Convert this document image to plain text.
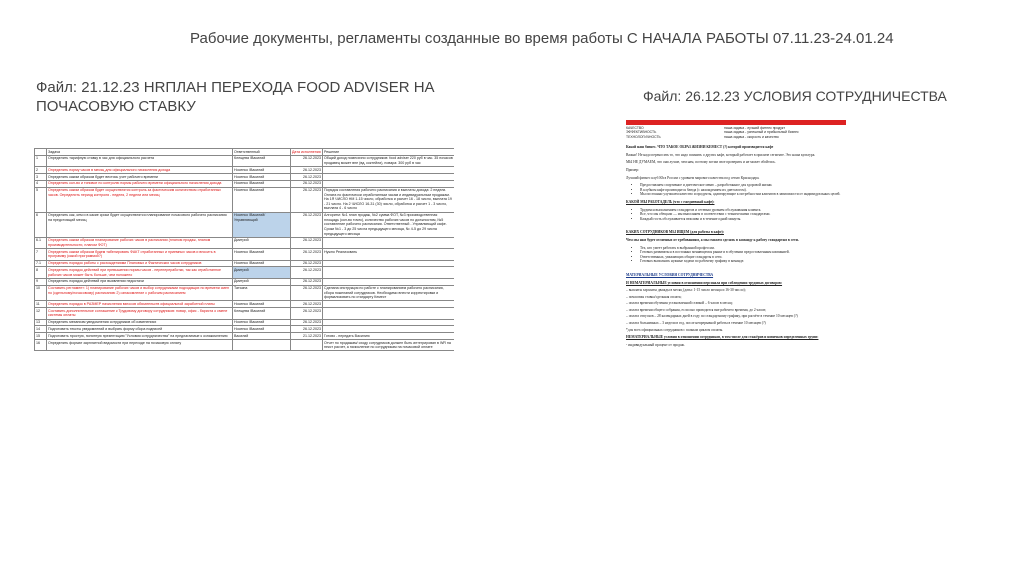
Рабочие документы, регламенты созданные во время работы С НАЧАЛА РАБОТЫ 07.11.23-24.01.24
Файл: 21.12.23 НRПЛАН ПЕРЕХОДА FOOD ADVISER НА ПОЧАСОВУЮ СТАВКУ
Файл: 26.12.23 УСЛОВИЯ СОТРУДНИЧЕСТВА
	Задача	Ответственный	Дата исполнения	Решение
1	Определить тарифную ставку в час для официального расчета	Клещева /Василий	26.12.2023	Общий доход помесячно сотрудников: food adviser 220 руб в час. 35 почасов продавец может вне (вд, коктейли), повара: 300 руб в час
2	Определить норму часов в месяц для официального начисления дохода	Носенко /Василий	26.12.2023	
3	Определить каким образом будет вестись учет рабочего времени	Носенко /Василий	26.12.2023	
4	Определить кол-во и типовое по контролю нормы рабочего времени официального начисления дохода	Носенко /Василий	26.12.2023	
5	Определить каким образом будет осуществлятся контроль за фактическим количеством отработанных часов. Определить период контроля - неделя, 2 недели или месяц	Носенко /Василий	26.12.2023	Порядок составления рабочего расписания и выплаты дохода: 2 недели. Оплата по фактически отработанным часам и индивидуальным продажам. На 1Я ЧИСЛО НМ 1-15 число, обработка и расчет 16 - 18 число, выплата 19 - 21 число. На 2 ЧИСЛО 16-31 (30) число, обработка и расчет 1 - 3 число, выплата 4 - 6 число
6	Определить как, кем и в какие сроки будет осуществлятся планирование почасового рабочего расписания на предстоящий месяц	Носенко /Василий/ Управляющий	26.12.2023	Алгоритм: №1 план продаж, №2 сумма ФОТ, №3 производственная площадь (кол-во точек), количество рабочих часов по должностям, №5 составление рабочего расписания. Ответственный - Управляющий кафе. Сроки №1 - 3 до 25 числа предыдущего месяца, № 4-5 до 29 числа предыдущего месяца
6.1	Определить каким образом планирование рабочих часов в расписании (планом продаж, планом производительности, планом ФОТ)	Дмитрий	26.12.2023	
7	Определить каким образом будем табелировать ФАКТ отработанных и приемных часов и вносить в программу (какой программой?)	Носенко /Василий	26.12.2023	Нужно Реализовать
7.1	Определить порядок работы с расхождениями Плановых и Фактических часов сотрудников	Носенко /Василий	26.12.2023	
8	Определить порядок действий при превышении нормы часов - перепереработки, так как отработанное рабочих часов может быть больше, чем положено	Дмитрий	26.12.2023	
9	Определить порядок дейчтвий при выявлении недостачи	Дмитрий	26.12.2023	
10	Составить регламент: 1) планирование рабочих часов и выбор сотрудниками подходящих по времени смен по (сдельному/почасовому) расписанию 2) ознакомление с рабочим расписанием	Татьяна	26.12.2023	Сделана инструкция по работе с планированием рабочего расписания, сбора пожеланий сотрудников. Необходимо внести корректировки и формализовать по стандарту Кемест
11	Определить порядок в РАЗМЕР начисления взносов обязательств официальной заработной платы	Носенко /Василий	26.12.2023	
12	Составить дополнительное соглашение к Трудовому договору сотрудников: повар, офис - бариста о смене системы оплаты	Клещева /Василий	26.12.2023	
13	Определить механизм уведомления сотрудников об изменениях	Носенко /Василий	26.12.2023	
14	Подготовить тексты уведомлений и выбрать форму сбора подписей	Носенко /Василий	26.12.2023	
15	Подготовить простую, понятную презентацию "Условия сотрудничества" на предлагаемые к ознакомлению	Василий	21.12.2023	Готово - передать Василию
16	Определить формат зарплатной ведомости при переходе на почасовую оплату			Отчет по продажам/ сходу сотрудников должен быть интегрирован в WR на некст расчет, а начисление по сотрудникам на почасовой оплате
КАЧЕСТВО	наша задача - лучший фитнес продукт
ЭФФЕКТИВНОСТЬ	наша задача - успешный и прибыльный бизнес
ТЕХНОЛОГИЧНОСТЬ	наша задача - скорость и качество

Какой наш бизнес. ЧТО ТАКОЕ ОБРАЗ ЖИЗНИ КЕМЕСТ (?) которой производится кафе

Важно! Не надо переносить то, что надо помнить о других кафе, который работает в приличе сегменте. Это наша культура.

МЫ НЕ ДУМАЕМ, что они лучше, чем нам, поэтому хотим свое проверить и не может обойтись.

Пример:

Лучший фитнес клуб Юга России с уровнем мирового качества под сетью Краснодара.

• Предоставляем спортивное и диетическое меню – разработанное для здоровой жизни.
• В клубном кафе производятся блюда (с нахождением их диетологом).
• Мы постоянно улучшаем качество и продукты, адаптирующие к потребностям клиентов в зависимости от индивидуальных целей.

КАКОЙ МЫ РАБОТАДЕЛЬ (что с ежедневный кафе):

• Трудимся выполнением стандартов и сетевым уровнем обслуживания клиента.
• Все, что мы обещали — мы выполняем в соответствии с техническими стандартами.
• Каждый гость обслуживается вежливо и в течение одной минуты.

КАКИХ СОТРУДНИКОВ МЫ ИЩЕМ (для работы в кафе):

Чем мы нам будет отличных от требованиям, а мы сможем сделать в команду к работу стандартам в сети.

• Тех, кто умеет работать в выбранной профессии.
• Готовых развиваться в постоянно меняющемся рынке и в обучении предоставленным компанией.
• Ответственных, уважающих общие стандарты в сети.
• Готовых выполнять нужные задачи по рабочему графику в команде.

МАТЕРИАЛЬНЫЕ УСЛОВИЯ СОТРУДНИЧЕСТВА

И НЕМАТЕРИАЛЬНЫЕ условия в отношении персонала при соблюдении трудовых договоров:

– выплаты зарплаты дважды в месяц (даты: 1-15 число месяца и 16-30 число);

– почасовая ставка/сдельная оплата;

– оплата времени обучения установленной ставкой – 6 часов в месяц;

– оплата времени общего собрания, если оно проводится вне рабочего времени, до 2 часов;

– оплата отпусков – 28 календарных дней в году по стандартному графику, при расчёте в течение 10 месяцев (?)

– оплата больничных – 3 недели в год, после непрерывной работы в течение 10 месяцев (?)

*для всех официальных сотрудников с полным циклом оплаты.

НЕМАТЕРИАЛЬНЫЕ условия в отношении сотрудников, в том числе для стажёров и новичков определенных групп:

- индивидуальный процент от продаж.
